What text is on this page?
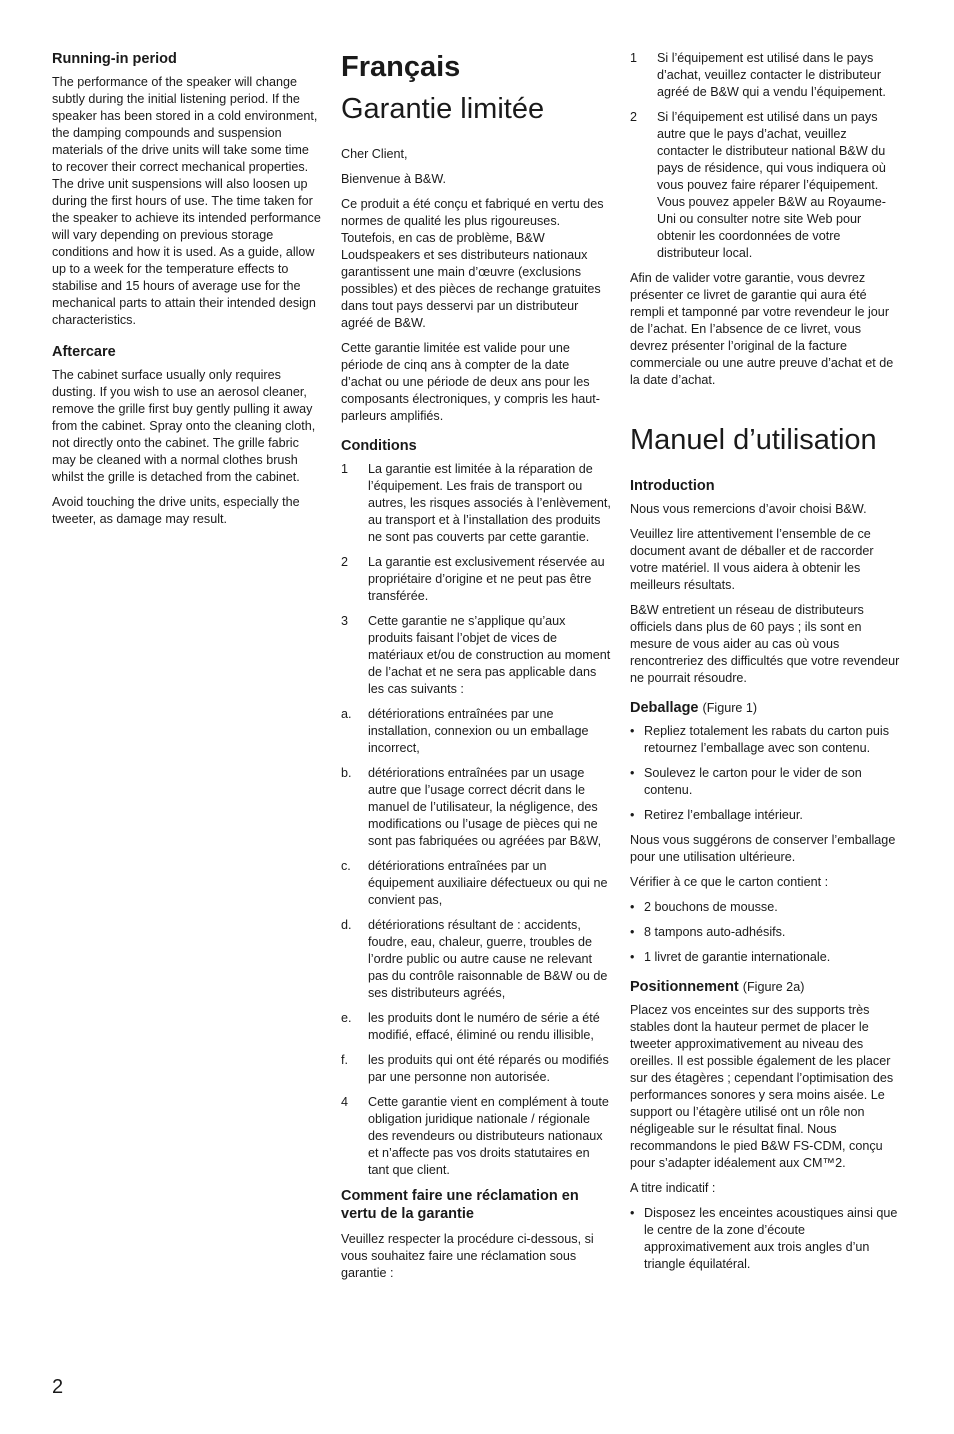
Running-in period

The performance of the speaker will change subtly during the initial listening period. If the speaker has been stored in a cold environment, the damping compounds and suspension materials of the drive units will take some time to recover their correct mechanical properties. The drive unit suspensions will also loosen up during the first hours of use. The time taken for the speaker to achieve its intended performance will vary depending on previous storage conditions and how it is used. As a guide, allow up to a week for the temperature effects to stabilise and 15 hours of average use for the mechanical parts to attain their intended design characteristics.

Aftercare

The cabinet surface usually only requires dusting. If you wish to use an aerosol cleaner, remove the grille first buy gently pulling it away from the cabinet. Spray onto the cleaning cloth, not directly onto the cabinet. The grille fabric may be cleaned with a normal clothes brush whilst the grille is detached from the cabinet.

Avoid touching the drive units, especially the tweeter, as damage may result.

Français
Garantie limitée

Cher Client,

Bienvenue à B&W.

Ce produit a été conçu et fabriqué en vertu des normes de qualité les plus rigoureuses. Toutefois, en cas de problème, B&W Loudspeakers et ses distributeurs nationaux garantissent une main d’œuvre (exclusions possibles) et des pièces de rechange gratuites dans tout pays desservi par un distributeur agréé de B&W.

Cette garantie limitée est valide pour une période de cinq ans à compter de la date d’achat ou une période de deux ans pour les composants électroniques, y compris les haut-parleurs amplifiés.

Conditions
1	La garantie est limitée à la réparation de l’équipement. Les frais de transport ou autres, les risques associés à l’enlèvement, au transport et à l’installation des produits ne sont pas couverts par cette garantie.
2	La garantie est exclusivement réservée au propriétaire d’origine et ne peut pas être transférée.
3	Cette garantie ne s’applique qu’aux produits faisant l’objet de vices de matériaux et/ou de construction au moment de l’achat et ne sera pas applicable dans les cas suivants :
a.	détériorations entraînées par une installation, connexion ou un emballage incorrect,
b.	détériorations entraînées par un usage autre que l’usage correct décrit dans le manuel de l’utilisateur, la négligence, des modifications ou l’usage de pièces qui ne sont pas fabriquées ou agréées par B&W,
c.	détériorations entraînées par un équipement auxiliaire défectueux ou qui ne convient pas,
d.	détériorations résultant de : accidents, foudre, eau, chaleur, guerre, troubles de l’ordre public ou autre cause ne relevant pas du contrôle raisonnable de B&W ou de ses distributeurs agréés,
e.	les produits dont le numéro de série a été modifié, effacé, éliminé ou rendu illisible,
f.	les produits qui ont été réparés ou modifiés par une personne non autorisée.
4	Cette garantie vient en complément à toute obligation juridique nationale / régionale des revendeurs ou distributeurs nationaux et n’affecte pas vos droits statutaires en tant que client.
Comment faire une réclamation en vertu de la garantie

Veuillez respecter la procédure ci-dessous, si vous souhaitez faire une réclamation sous garantie :

1	Si l’équipement est utilisé dans le pays d’achat, veuillez contacter le distributeur agréé de B&W qui a vendu l’équipement.
2	Si l’équipement est utilisé dans un pays autre que le pays d’achat, veuillez contacter le distributeur national B&W du pays de résidence, qui vous indiquera où vous pouvez faire réparer l’équipement. Vous pouvez appeler B&W au Royaume-Uni ou consulter notre site Web pour obtenir les coordonnées de votre distributeur local.

Afin de valider votre garantie, vous devrez présenter ce livret de garantie qui aura été rempli et tamponné par votre revendeur le jour de l’achat. En l’absence de ce livret, vous devrez présenter l’original de la facture commerciale ou une autre preuve d’achat et de la date d’achat.

Manuel d’utilisation
Introduction

Nous vous remercions d’avoir choisi B&W.

Veuillez lire attentivement l’ensemble de ce document avant de déballer et de raccorder votre matériel. Il vous aidera à obtenir les meilleurs résultats.

B&W entretient un réseau de distributeurs officiels dans plus de 60 pays ; ils sont en mesure de vous aider au cas où vous rencontreriez des difficultés que votre revendeur ne pourrait résoudre.

Deballage (Figure 1)
• Repliez totalement les rabats du carton puis retournez l’emballage avec son contenu.
• Soulevez le carton pour le vider de son contenu.
• Retirez l’emballage intérieur.

Nous vous suggérons de conserver l’emballage pour une utilisation ultérieure.

Vérifier à ce que le carton contient :

• 2 bouchons de mousse.
• 8 tampons auto-adhésifs.
• 1 livret de garantie internationale.
Positionnement (Figure 2a)

Placez vos enceintes sur des supports très stables dont la hauteur permet de placer le tweeter approximativement au niveau des oreilles. Il est possible également de les placer sur des étagères ; cependant l’optimisation des performances sonores y sera moins aisée. Le support ou l’étagère utilisé ont un rôle non négligeable sur le résultat final. Nous recommandons le pied B&W FS-CDM, conçu pour s’adapter idéalement aux CM™2.

A titre indicatif :

• Disposez les enceintes acoustiques ainsi que le centre de la zone d’écoute approximativement aux trois angles d’un triangle équilatéral.
2
